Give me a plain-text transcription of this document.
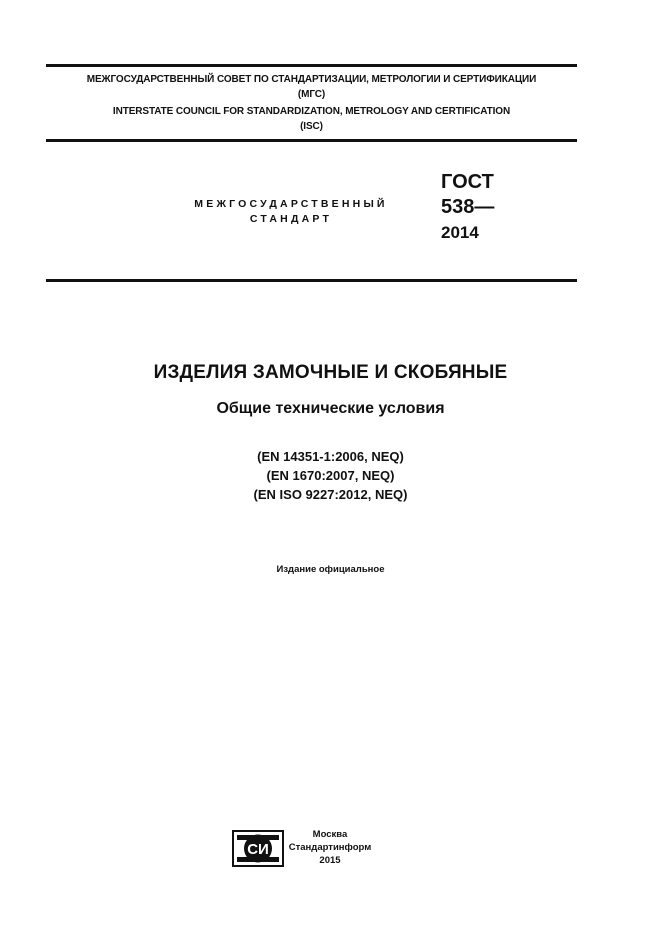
МЕЖГОСУДАРСТВЕННЫЙ СОВЕТ ПО СТАНДАРТИЗАЦИИ, МЕТРОЛОГИИ И СЕРТИФИКАЦИИ
(МГС)
INTERSTATE COUNCIL FOR STANDARDIZATION, METROLOGY AND CERTIFICATION
(ISC)
МЕЖГОСУДАРСТВЕННЫЙ
СТАНДАРТ
ГОСТ
538—
2014
ИЗДЕЛИЯ ЗАМОЧНЫЕ И СКОБЯНЫЕ
Общие технические условия
(EN 14351-1:2006, NEQ)
(EN 1670:2007, NEQ)
(EN ISO 9227:2012, NEQ)
Издание официальное
СИ
Москва
Стандартинформ
2015
